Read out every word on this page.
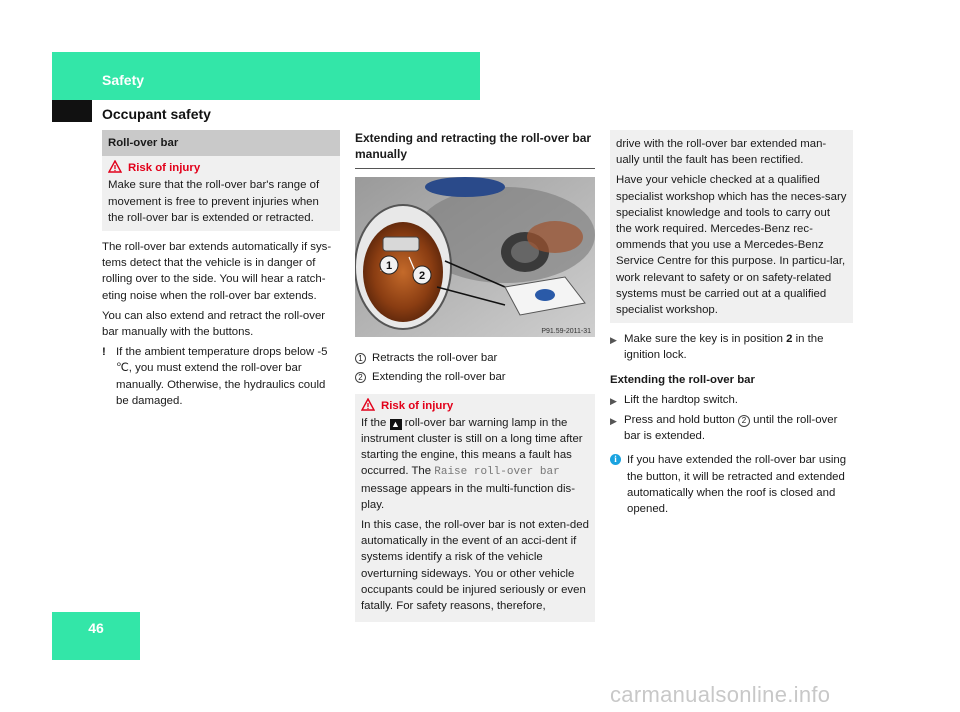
Safety
Occupant safety
Roll-over bar
Risk of injury
Make sure that the roll-over bar's range of movement is free to prevent injuries when the roll-over bar is extended or retracted.

The roll-over bar extends automatically if sys-tems detect that the vehicle is in danger of rolling over to the side. You will hear a ratch-eting noise when the roll-over bar extends.

You can also extend and retract the roll-over bar manually with the buttons.

! If the ambient temperature drops below -5 ℃, you must extend the roll-over bar manually. Otherwise, the hydraulics could be damaged.
Extending and retracting the roll-over bar manually
1
2
P91.59-2011-31
1 Retracts the roll-over bar
2 Extending the roll-over bar
Risk of injury

If the ▲ roll-over bar warning lamp in the instrument cluster is still on a long time after starting the engine, this means a fault has occurred. The Raise roll-over bar message appears in the multi-function dis-play.

In this case, the roll-over bar is not exten-ded automatically in the event of an acci-dent if systems identify a risk of the vehicle overturning sideways. You or other vehicle occupants could be injured seriously or even fatally. For safety reasons, therefore,

drive with the roll-over bar extended man-ually until the fault has been rectified.

Have your vehicle checked at a qualified specialist workshop which has the neces-sary specialist knowledge and tools to carry out the work required. Mercedes-Benz rec-ommends that you use a Mercedes-Benz Service Centre for this purpose. In particu-lar, work relevant to safety or on safety-related systems must be carried out at a qualified specialist workshop.

▶ Make sure the key is in position 2 in the ignition lock.

Extending the roll-over bar

▶ Lift the hardtop switch.
▶ Press and hold button 2 until the roll-over bar is extended.
i If you have extended the roll-over bar using the button, it will be retracted and extended automatically when the roof is closed and opened.
46
carmanualsonline.info
